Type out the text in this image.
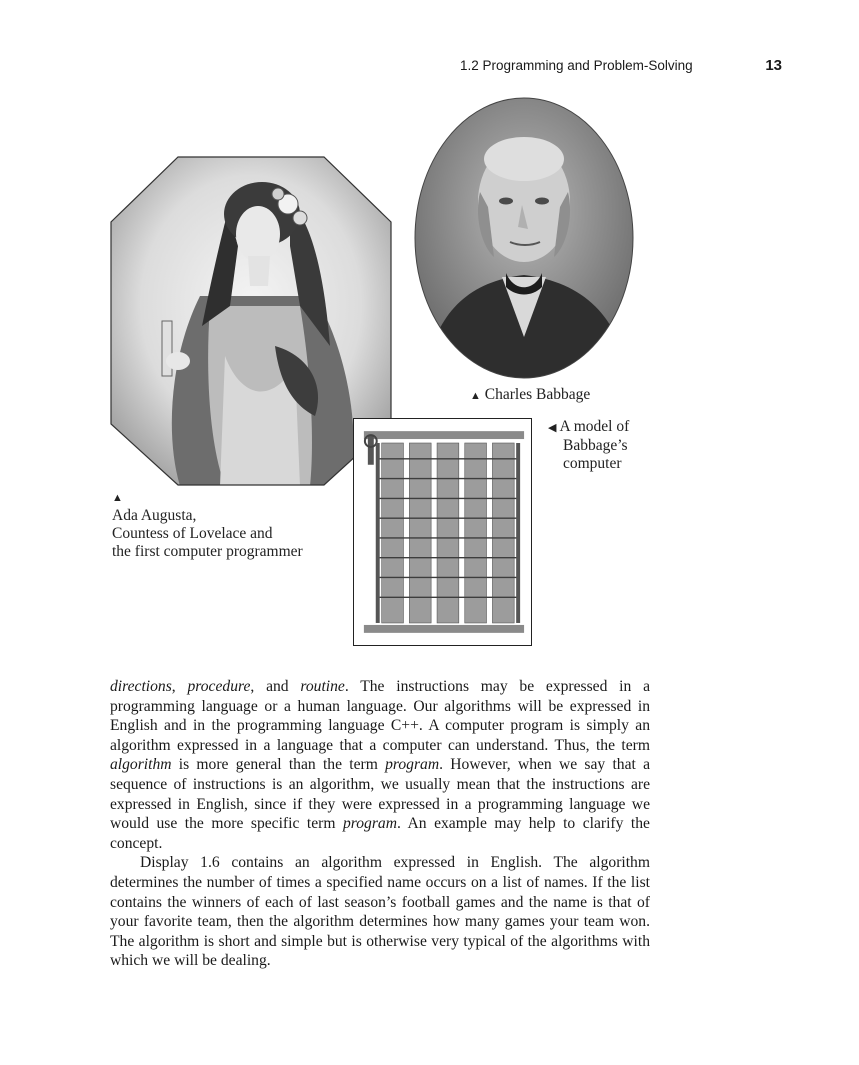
1.2 Programming and Problem-Solving	13
▲ Charles Babbage
◀ A model of
Babbage’s
computer
▲
Ada Augusta,
Countess of Lovelace and
the first computer programmer

directions, procedure, and routine. The instructions may be expressed in a programming language or a human language. Our algorithms will be expressed in English and in the programming language C++. A computer program is simply an algorithm expressed in a language that a computer can understand. Thus, the term algorithm is more general than the term program. However, when we say that a sequence of instructions is an algorithm, we usually mean that the instructions are expressed in English, since if they were expressed in a programming language we would use the more specific term program. An example may help to clarify the concept.

Display 1.6 contains an algorithm expressed in English. The algorithm determines the number of times a specified name occurs on a list of names. If the list contains the winners of each of last season’s football games and the name is that of your favorite team, then the algorithm determines how many games your team won. The algorithm is short and simple but is otherwise very typical of the algorithms with which we will be dealing.
